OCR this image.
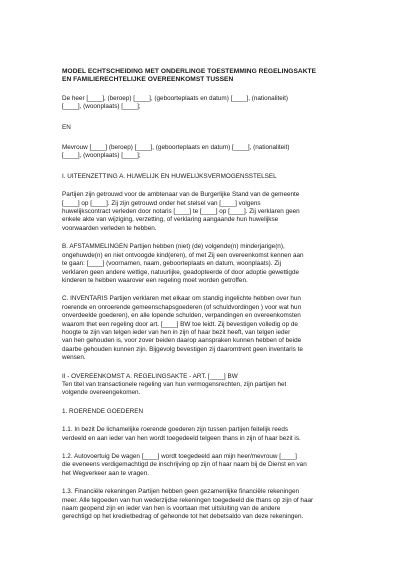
MODEL ECHTSCHEIDING MET ONDERLINGE TOESTEMMING REGELINGSAKTE

EN FAMILIERECHTELIJKE OVEREENKOMST TUSSEN

De heer [____], (beroep) [____], (geboorteplaats en datum) [____], (nationaliteit)

[____], (woonplaats) [____];

EN

Mevrouw [____] (beroep) [____], (geboorteplaats en datum) [____], (nationaliteit)

[____], (woonplaats) [____];

I. UITEENZETTING A. HUWELIJK EN HUWELIJKSVERMOGENSSTELSEL

Partijen zijn getrouwd voor de ambtenaar van de Burgerlijke Stand van de gemeente

[____] op [____]. Zij zijn getrouwd onder het stelsel van [____] volgens

huwelijkscontract verleden door notaris [____] te [____] op [____]. Zij verklaren geen

enkele akte van wijziging, verzetting, of verklaring aangaande hun huwelijkse

voorwaarden verleden te hebben.

B. AFSTAMMELINGEN Partijen hebben (niet) (de) volgende(n) minderjarige(n),

ongehuwde(n) en niet ontvoogde kind(eren), of met Zij een overeenkomst kennen aan

te gaan: [____] (voornamen, naam, geboorteplaats en datum, woonplaats). Zij

verklaren geen andere wettige, natuurlijke, geadopteerde of door adoptie gewettigde

kinderen te hebben waarover een regeling moet worden getroffen.

C. INVENTARIS Partijen verklaren met elkaar om standig ingelichte hebben over hun

roerende en onroerende gemeenschapsgoederen (of schuldvordingen ) voor wat hun

onverdeelde goederen), en alle lopende schulden, verpandingen en overeenkomsten

waarom thet een regeling door art. [____] BW toe leidt. Zij bevestigen volledig op de

hoogte te zijn van telgen ieder van hen in zijn of haar bezit heeft, van telgen ieder

van hen gehouden is, voor zover beiden daarop aanspraken kunnen hebben of beide

daarbe gehouden kunnen zijn. Bijgevolg bevestigen zij daaromtrent geen inventaris te

wensen.

II - OVEREENKOMST A. REGELINGSAKTE - ART. [____] BW

Ten titel van transactionele regeling van hun vermogensrechten, zijn partijen het

volgende overeengekomen.

1. ROERENDE GOEDEREN

1.1. In bezit De lichamelijke roerende goederen zijn tussen partijen feitelijk reeds

verdeeld en aan ieder van hen wordt toegedeeld telgeen thans in zijn of haar bezit is.

1.2. Autovoertuig De wagen [____] wordt toegedeeld aan mijn heer/mevrouw [____]

die eveneens verdigemachtigd de inschrijving op zijn of haar naam bij de Dienst en van

het Wegverkeer aan te vragen.

1.3. Financiële rekeningen Partijen hebben geen gezamenlijke financiële rekeningen

meer. Alle tegoeden van hun wederzijdse rekeningen toegedeeld die thans op zijn of haar

naam geopend zijn en ieder van hen is voortaan met uitsluiting van de andere

gerechtigd op het kredietbedrag of geheonde tot het debetsaldo van deze rekeningen.
